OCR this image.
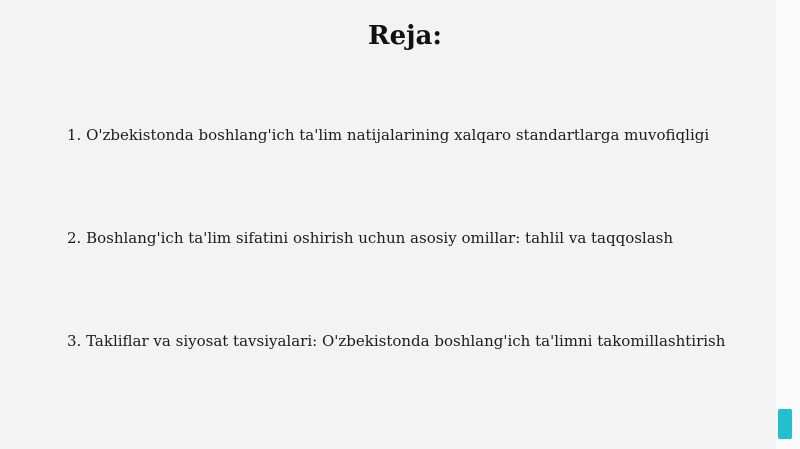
Reja:
1. O'zbekistonda boshlang'ich ta'lim natijalarining xalqaro standartlarga muvofiqligi
2. Boshlang'ich ta'lim sifatini oshirish uchun asosiy omillar: tahlil va taqqoslash
3. Takliflar va siyosat tavsiyalari: O'zbekistonda boshlang'ich ta'limni takomillashtirish
